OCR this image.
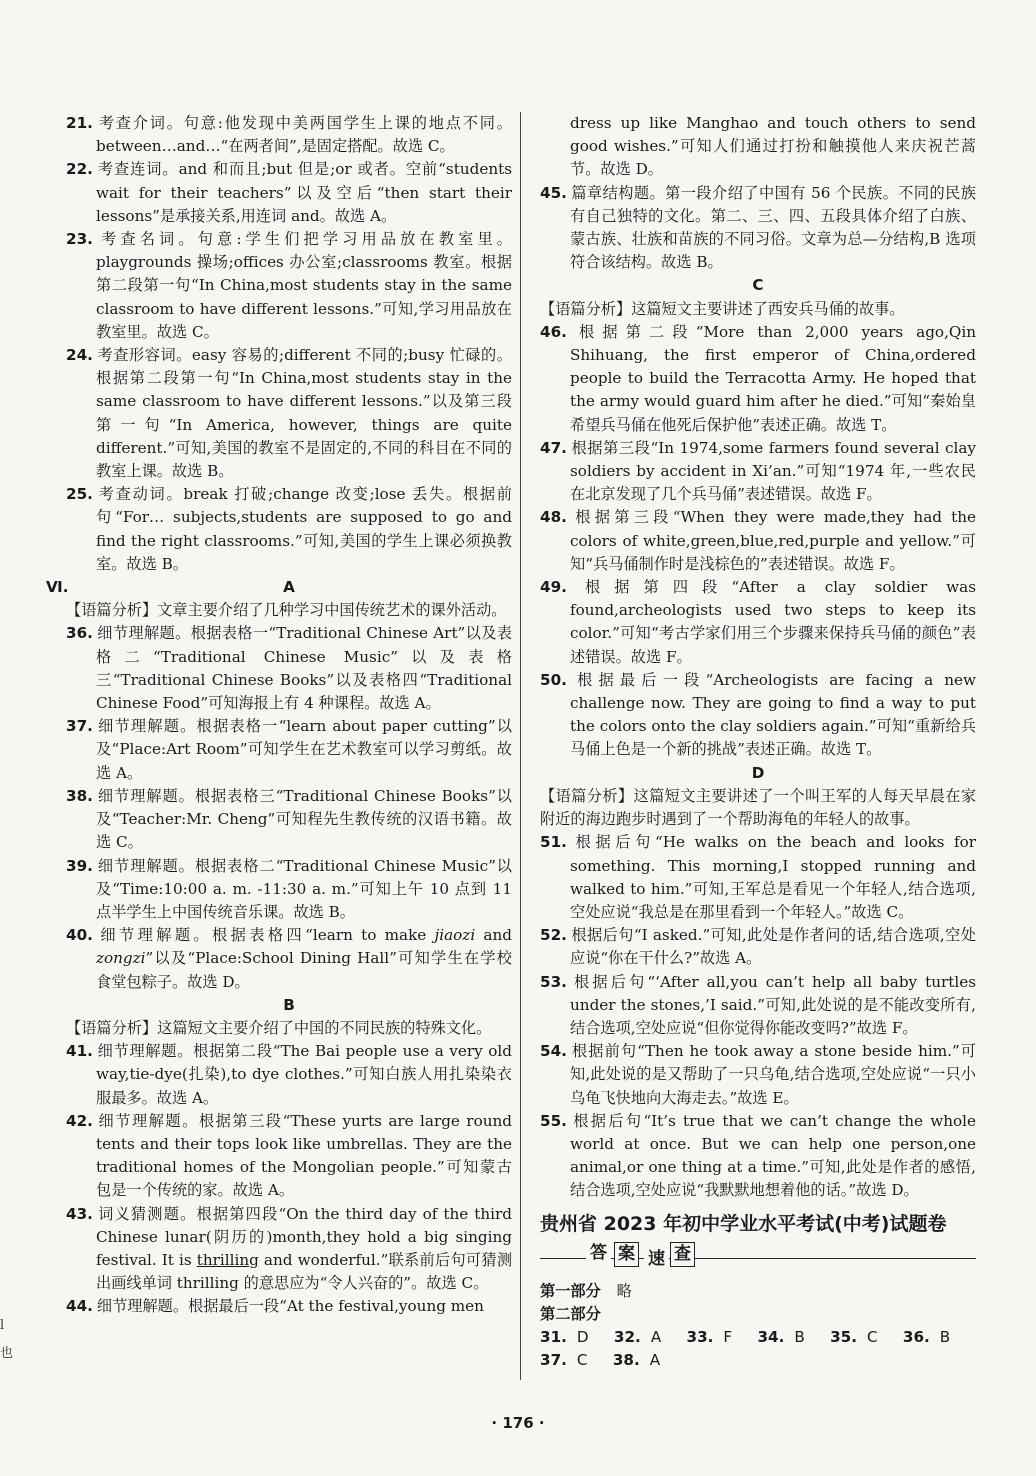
21. 考查介词。句意:他发现中美两国学生上课的地点不同。between…and…“在两者间”,是固定搭配。故选 C。

22. 考查连词。and 和而且;but 但是;or 或者。空前“students wait for their teachers”以及空后“then start their lessons”是承接关系,用连词 and。故选 A。

23. 考查名词。句意:学生们把学习用品放在教室里。playgrounds 操场;offices 办公室;classrooms 教室。根据第二段第一句“In China,most students stay in the same classroom to have different lessons.”可知,学习用品放在教室里。故选 C。

24. 考查形容词。easy 容易的;different 不同的;busy 忙碌的。根据第二段第一句“In China,most students stay in the same classroom to have different lessons.”以及第三段第一句“In America, however, things are quite different.”可知,美国的教室不是固定的,不同的科目在不同的教室上课。故选 B。

25. 考查动词。break 打破;change 改变;lose 丢失。根据前句“For… subjects,students are supposed to go and find the right classrooms.”可知,美国的学生上课必须换教室。故选 B。

Ⅵ.	A

【语篇分析】文章主要介绍了几种学习中国传统艺术的课外活动。

36. 细节理解题。根据表格一“Traditional Chinese Art”以及表格二“Traditional Chinese Music”以及表格三“Traditional Chinese Books”以及表格四“Traditional Chinese Food”可知海报上有 4 种课程。故选 A。

37. 细节理解题。根据表格一“learn about paper cutting”以及“Place:Art Room”可知学生在艺术教室可以学习剪纸。故选 A。

38. 细节理解题。根据表格三“Traditional Chinese Books”以及“Teacher:Mr. Cheng”可知程先生教传统的汉语书籍。故选 C。

39. 细节理解题。根据表格二“Traditional Chinese Music”以及“Time:10:00 a. m. -11:30 a. m.”可知上午 10 点到 11 点半学生上中国传统音乐课。故选 B。

40. 细节理解题。根据表格四“learn to make jiaozi and zongzi”以及“Place:School Dining Hall”可知学生在学校食堂包粽子。故选 D。

B

【语篇分析】这篇短文主要介绍了中国的不同民族的特殊文化。

41. 细节理解题。根据第二段“The Bai people use a very old way,tie-dye(扎染),to dye clothes.”可知白族人用扎染染衣服最多。故选 A。

42. 细节理解题。根据第三段“These yurts are large round tents and their tops look like umbrellas. They are the traditional homes of the Mongolian people.”可知蒙古包是一个传统的家。故选 A。

43. 词义猜测题。根据第四段“On the third day of the third Chinese lunar(阴历的)month,they hold a big singing festival. It is thrilling and wonderful.”联系前后句可猜测出画线单词 thrilling 的意思应为“令人兴奋的”。故选 C。

44. 细节理解题。根据最后一段“At the festival,young men

dress up like Manghao and touch others to send good wishes.”可知人们通过打扮和触摸他人来庆祝芒蒿节。故选 D。

45. 篇章结构题。第一段介绍了中国有 56 个民族。不同的民族有自己独特的文化。第二、三、四、五段具体介绍了白族、蒙古族、壮族和苗族的不同习俗。文章为总—分结构,B 选项符合该结构。故选 B。

C

【语篇分析】这篇短文主要讲述了西安兵马俑的故事。

46. 根据第二段“More than 2,000 years ago,Qin Shihuang, the first emperor of China,ordered people to build the Terracotta Army. He hoped that the army would guard him after he died.”可知“秦始皇希望兵马俑在他死后保护他”表述正确。故选 T。

47. 根据第三段“In 1974,some farmers found several clay soldiers by accident in Xi’an.”可知“1974 年,一些农民在北京发现了几个兵马俑”表述错误。故选 F。

48. 根据第三段“When they were made,they had the colors of white,green,blue,red,purple and yellow.”可知“兵马俑制作时是浅棕色的”表述错误。故选 F。

49. 根据第四段“After a clay soldier was found,archeologists used two steps to keep its color.”可知“考古学家们用三个步骤来保持兵马俑的颜色”表述错误。故选 F。

50. 根据最后一段“Archeologists are facing a new challenge now. They are going to find a way to put the colors onto the clay soldiers again.”可知“重新给兵马俑上色是一个新的挑战”表述正确。故选 T。

D

【语篇分析】这篇短文主要讲述了一个叫王军的人每天早晨在家附近的海边跑步时遇到了一个帮助海龟的年轻人的故事。

51. 根据后句“He walks on the beach and looks for something. This morning,I stopped running and walked to him.”可知,王军总是看见一个年轻人,结合选项,空处应说“我总是在那里看到一个年轻人。”故选 C。

52. 根据后句“I asked.”可知,此处是作者问的话,结合选项,空处应说“你在干什么?”故选 A。

53. 根据后句“‘After all,you can’t help all baby turtles under the stones,’I said.”可知,此处说的是不能改变所有,结合选项,空处应说“但你觉得你能改变吗?”故选 F。

54. 根据前句“Then he took away a stone beside him.”可知,此处说的是又帮助了一只乌龟,结合选项,空处应说“一只小乌龟飞快地向大海走去。”故选 E。

55. 根据后句“It’s true that we can’t change the whole world at once. But we can help one person,one animal,or one thing at a time.”可知,此处是作者的感悟,结合选项,空处应说“我默默地想着他的话。”故选 D。

贵州省 2023 年初中学业水平考试(中考)试题卷

答 案 速 查

第一部分 略

第二部分

31. D 32. A 33. F 34. B 35. C 36. B 37. C 38. A

· 176 ·
l
也
